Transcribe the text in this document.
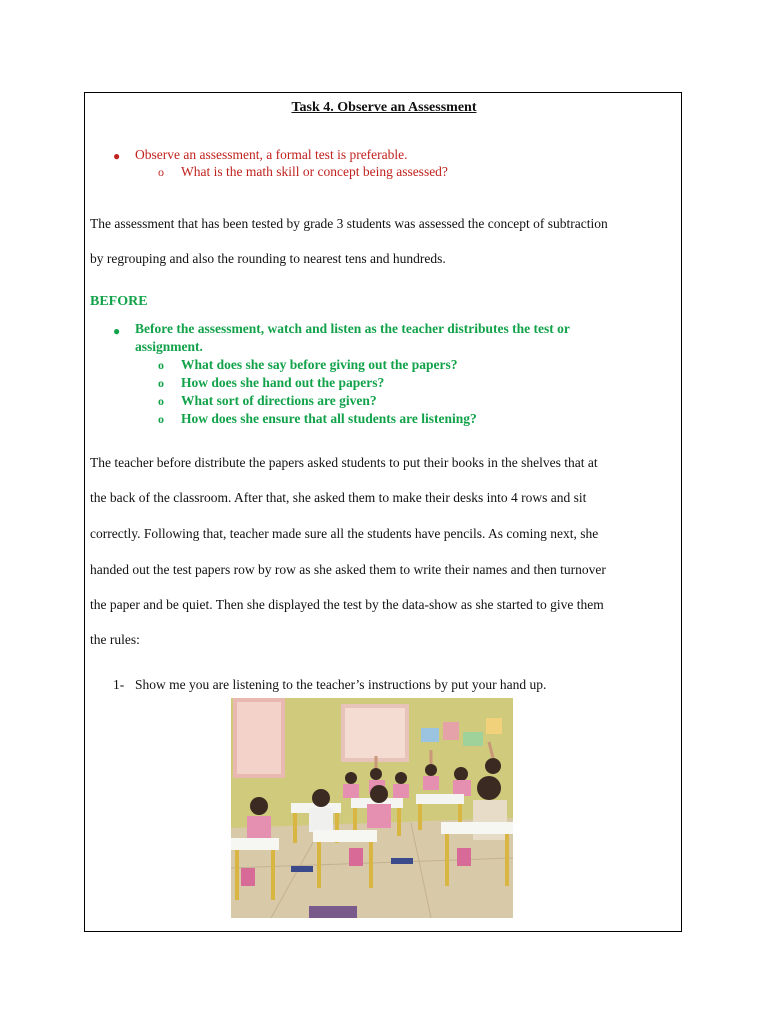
Task 4. Observe an Assessment
● Observe an assessment, a formal test is preferable.
o What is the math skill or concept being assessed?
The assessment that has been tested by grade 3 students was assessed the concept of subtraction
by regrouping and also the rounding to nearest tens and hundreds.
BEFORE
● Before the assessment, watch and listen as the teacher distributes the test or
assignment.
o What does she say before giving out the papers?
o How does she hand out the papers?
o What sort of directions are given?
o How does she ensure that all students are listening?
The teacher before distribute the papers asked students to put their books in the shelves that at
the back of the classroom. After that, she asked them to make their desks into 4 rows and sit
correctly. Following that, teacher made sure all the students have pencils. As coming next, she
handed out the test papers row by row as she asked them to write their names and then turnover
the paper and be quiet. Then she displayed the test by the data-show as she started to give them
the rules:
1- Show me you are listening to the teacher’s instructions by put your hand up.
